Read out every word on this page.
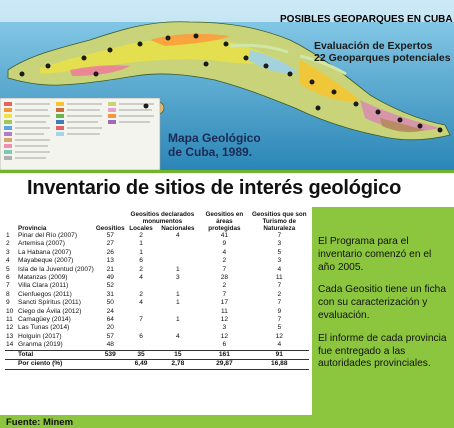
POSIBLES GEOPARQUES EN CUBA
Evaluación de Expertos
22 Geoparques potenciales
Mapa Geológico
de Cuba, 1989.
Inventario de sitios de interés geológico
	Provincia	Geositios	Geositios declarados monumentos		Geositios en áreas protegidas	Geositios que son Turismo de Naturaleza
			Locales	Nacionales		
1	Pinar del Río (2007)	57	2	4	41	7
2	Artemisa (2007)	27	1		9	3
3	La Habana (2007)	26	1		4	5
4	Mayabeque (2007)	13	6		2	3
5	Isla de la Juventud (2007)	21	2	1	7	4
6	Matanzas (2009)	49	4	3	28	11
7	Villa Clara (2011)	52			2	7
8	Cienfuegos (2011)	31	2	1	7	2
9	Sancti Spíritus (2011)	50	4	1	17	7
10	Ciego de Ávila (2012)	24			11	9
11	Camagüey (2014)	64	7	1	12	7
12	Las Tunas (2014)	20			3	5
13	Holguín (2017)	57	6	4	12	12
14	Granma (2019)	48			6	4
	Total	539	35	15	161	91
	Por ciento (%)		6,49	2,78	29,87	16,88
Fuente: Minem

El Programa para el inventario comenzó en el año 2005.

Cada Geositio tiene un ficha con su caracterización y evaluación.

El informe de cada provincia fue entregado a las autoridades provinciales.
